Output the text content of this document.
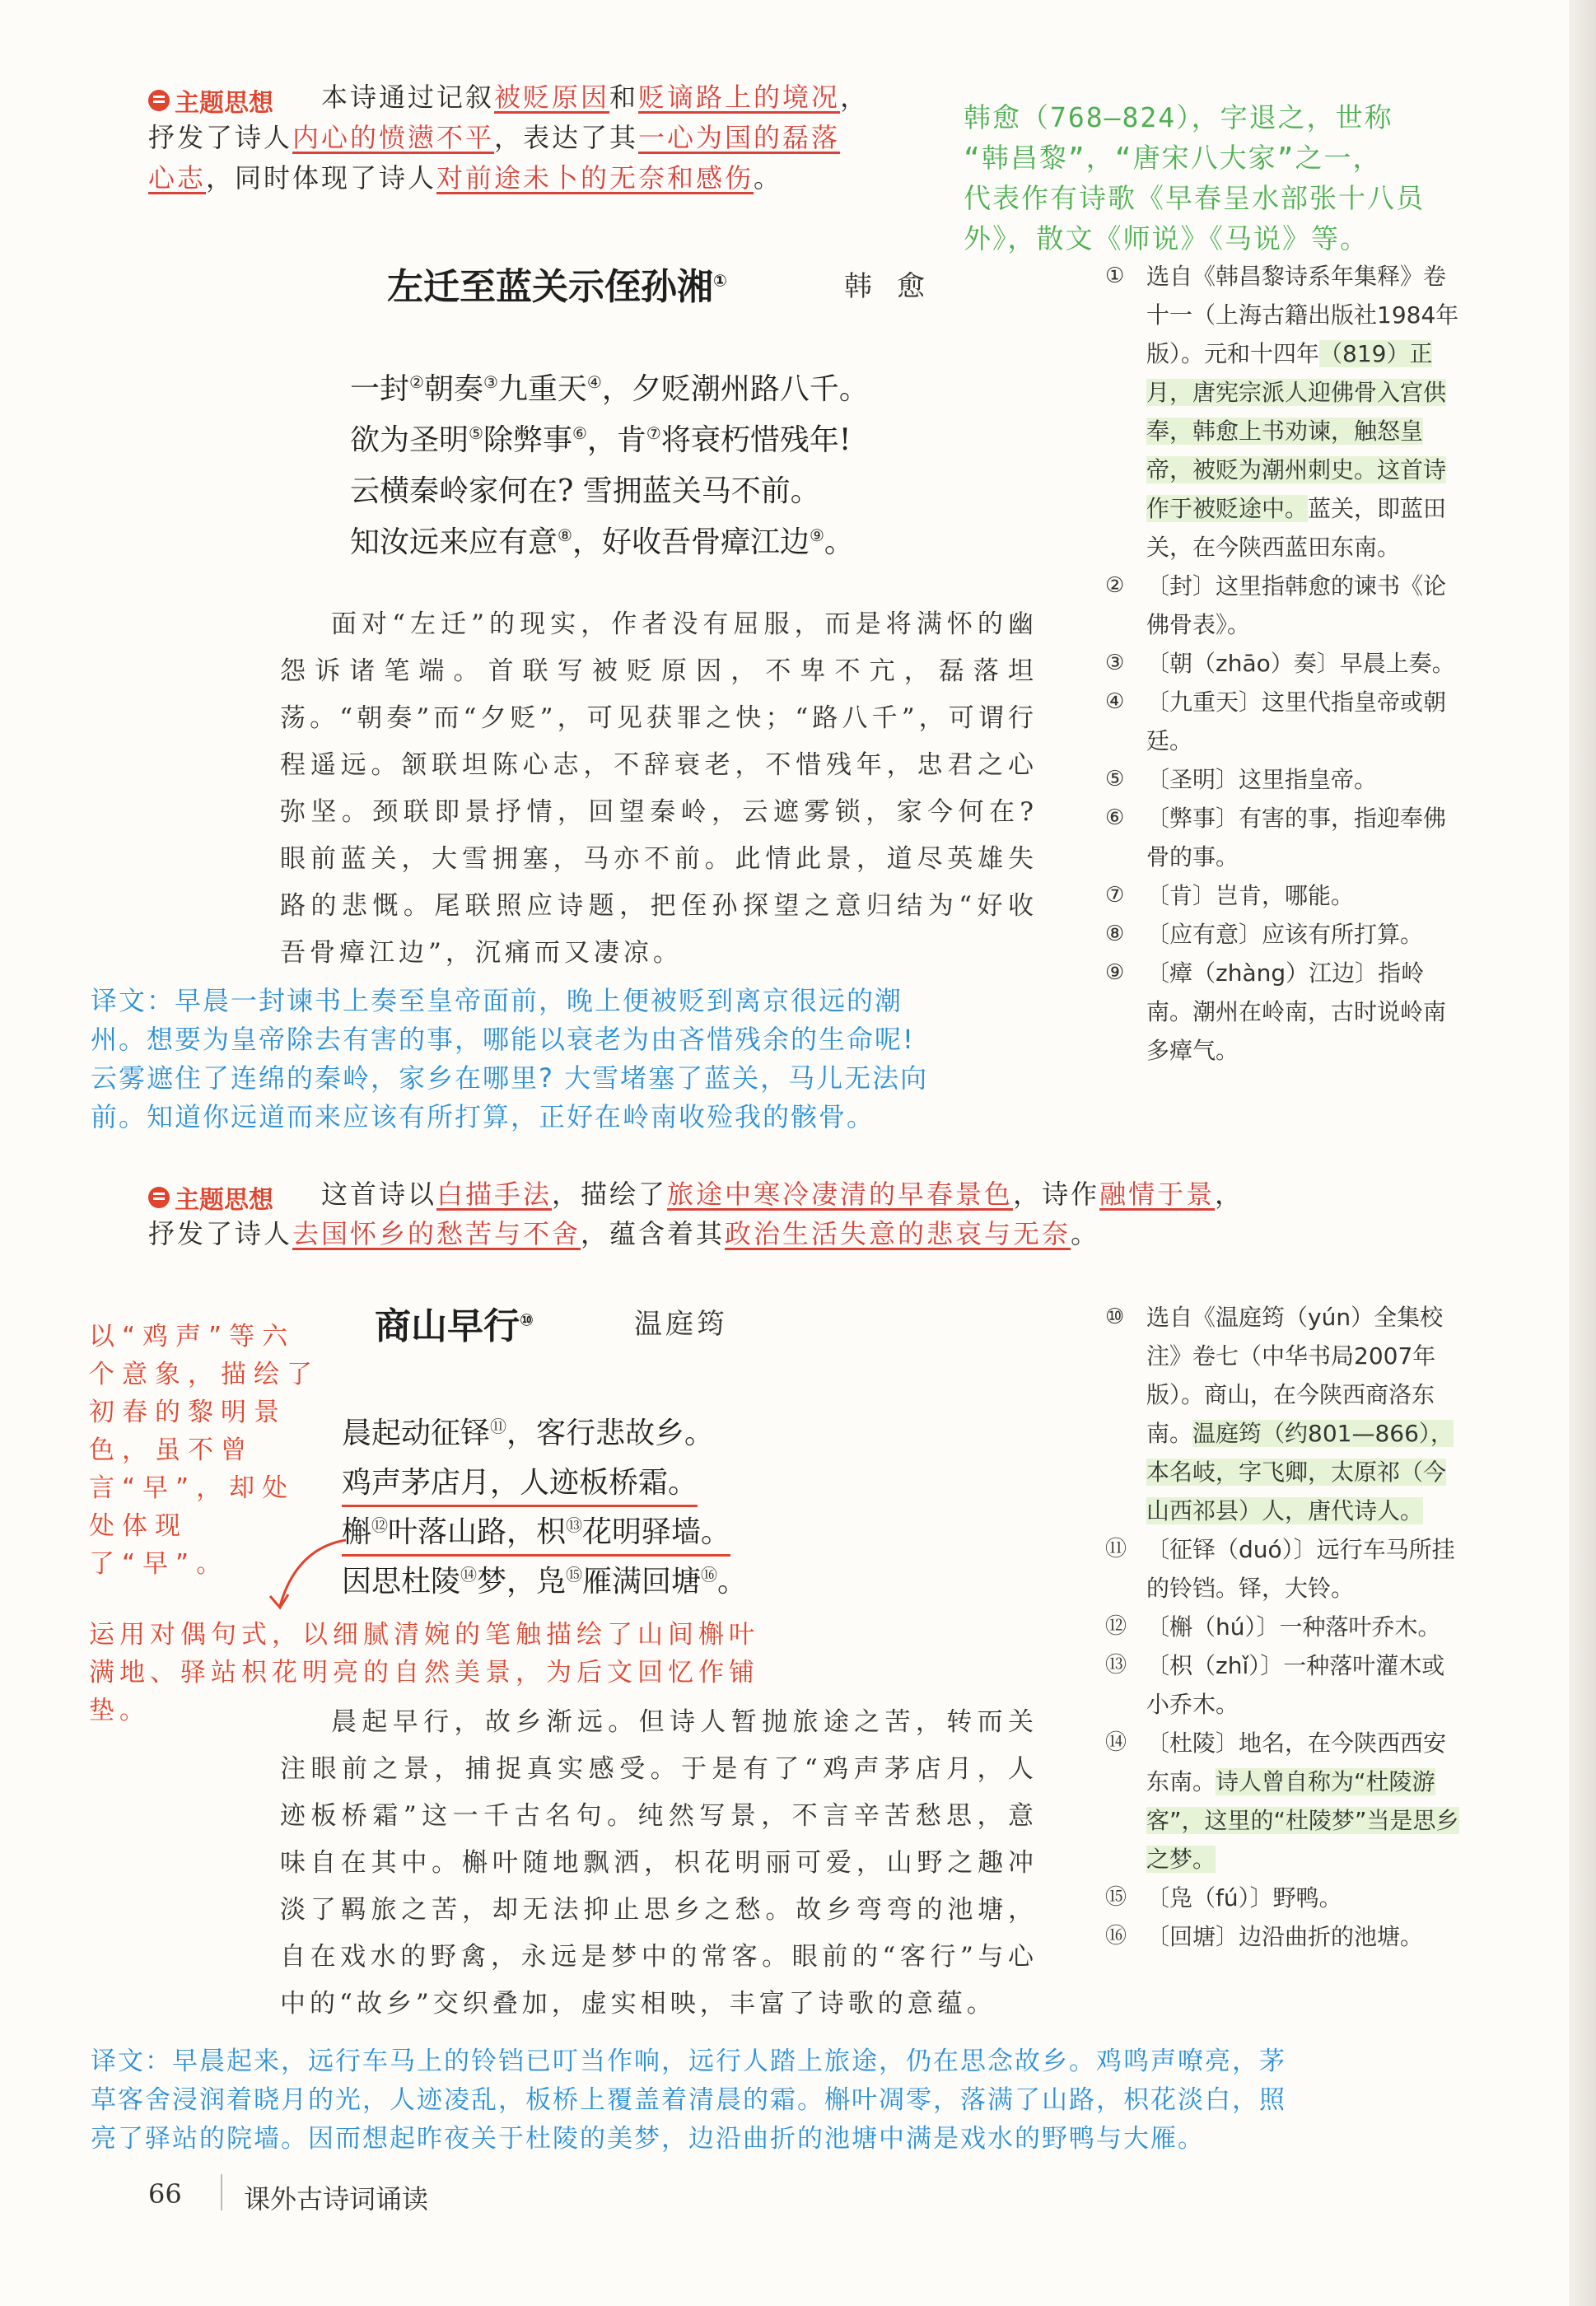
主题思想 本诗通过记叙被贬原因和贬谪路上的境况，
抒发了诗人内心的愤懑不平，表达了其一心为国的磊落
心志，同时体现了诗人对前途未卜的无奈和感伤。
韩愈（768—824），字退之，世称
“韩昌黎”，“唐宋八大家”之一，
代表作有诗歌《早春呈水部张十八员
外》，散文《师说》《马说》等。
左迁至蓝关示侄孙湘①	韩愈
一封②朝奏③九重天④，夕贬潮州路八千。
欲为圣明⑤除弊事⑥，肯⑦将衰朽惜残年!
云横秦岭家何在? 雪拥蓝关马不前。
知汝远来应有意⑧，好收吾骨瘴江边⑨。

面对“左迁”的现实，作者没有屈服，而是将满怀的幽怨诉诸笔端。首联写被贬原因，不卑不亢，磊落坦荡。“朝奏”而“夕贬”，可见获罪之快；“路八千”，可谓行程遥远。颔联坦陈心志，不辞衰老，不惜残年，忠君之心弥坚。颈联即景抒情，回望秦岭，云遮雾锁，家今何在?眼前蓝关，大雪拥塞，马亦不前。此情此景，道尽英雄失路的悲慨。尾联照应诗题，把侄孙探望之意归结为“好收吾骨瘴江边”，沉痛而又凄凉。

译文：早晨一封谏书上奏至皇帝面前，晚上便被贬到离京很远的潮
州。想要为皇帝除去有害的事，哪能以衰老为由吝惜残余的生命呢!
云雾遮住了连绵的秦岭，家乡在哪里? 大雪堵塞了蓝关，马儿无法向
前。知道你远道而来应该有所打算，正好在岭南收殓我的骸骨。
① 选自《韩昌黎诗系年集释》卷十一（上海古籍出版社1984年版）。元和十四年（819）正月，唐宪宗派人迎佛骨入宫供奉，韩愈上书劝谏，触怒皇帝，被贬为潮州刺史。这首诗作于被贬途中。蓝关，即蓝田关，在今陕西蓝田东南。
② 〔封〕这里指韩愈的谏书《论佛骨表》。
③ 〔朝（zhāo）奏〕早晨上奏。
④ 〔九重天〕这里代指皇帝或朝廷。
⑤ 〔圣明〕这里指皇帝。
⑥ 〔弊事〕有害的事，指迎奉佛骨的事。
⑦ 〔肯〕岂肯，哪能。
⑧ 〔应有意〕应该有所打算。
⑨ 〔瘴（zhàng）江边〕指岭南。潮州在岭南，古时说岭南多瘴气。
主题思想 这首诗以白描手法，描绘了旅途中寒冷凄清的早春景色，诗作融情于景，
抒发了诗人去国怀乡的愁苦与不舍，蕴含着其政治生活失意的悲哀与无奈。
商山早行⑩	温庭筠
以“鸡声”等六个意象，描绘了初春的黎明景色，虽不曾言“早”，却处处体现了“早”。
晨起动征铎⑪，客行悲故乡。
鸡声茅店月，人迹板桥霜。
槲⑫叶落山路，枳⑬花明驿墙。
因思杜陵⑭梦，凫⑮雁满回塘⑯。
运用对偶句式，以细腻清婉的笔触描绘了山间槲叶满地、驿站枳花明亮的自然美景，为后文回忆作铺垫。	晨起早行，故乡渐远。但诗人暂抛旅途之苦，转而关注眼前之景，捕捉真实感受。于是有了“鸡声茅店月，人迹板桥霜”这一千古名句。纯然写景，不言辛苦愁思，意味自在其中。槲叶随地飘洒，枳花明丽可爱，山野之趣冲淡了羁旅之苦，却无法抑止思乡之愁。故乡弯弯的池塘，自在戏水的野禽，永远是梦中的常客。眼前的“客行”与心中的“故乡”交织叠加，虚实相映，丰富了诗歌的意蕴。

译文：早晨起来，远行车马上的铃铛已叮当作响，远行人踏上旅途，仍在思念故乡。鸡鸣声嘹亮，茅
草客舍浸润着晓月的光，人迹凌乱，板桥上覆盖着清晨的霜。槲叶凋零，落满了山路，枳花淡白，照
亮了驿站的院墙。因而想起昨夜关于杜陵的美梦，边沿曲折的池塘中满是戏水的野鸭与大雁。
⑩ 选自《温庭筠（yún）全集校注》卷七（中华书局2007年版）。商山，在今陕西商洛东南。温庭筠（约801—866），本名岐，字飞卿，太原祁（今山西祁县）人，唐代诗人。
⑪ 〔征铎（duó）〕远行车马所挂的铃铛。铎，大铃。
⑫ 〔槲（hú）〕一种落叶乔木。
⑬ 〔枳（zhǐ）〕一种落叶灌木或小乔木。
⑭ 〔杜陵〕地名，在今陕西西安东南。诗人曾自称为“杜陵游客”，这里的“杜陵梦”当是思乡之梦。
⑮ 〔凫（fú）〕野鸭。
⑯ 〔回塘〕边沿曲折的池塘。
66 课外古诗词诵读
